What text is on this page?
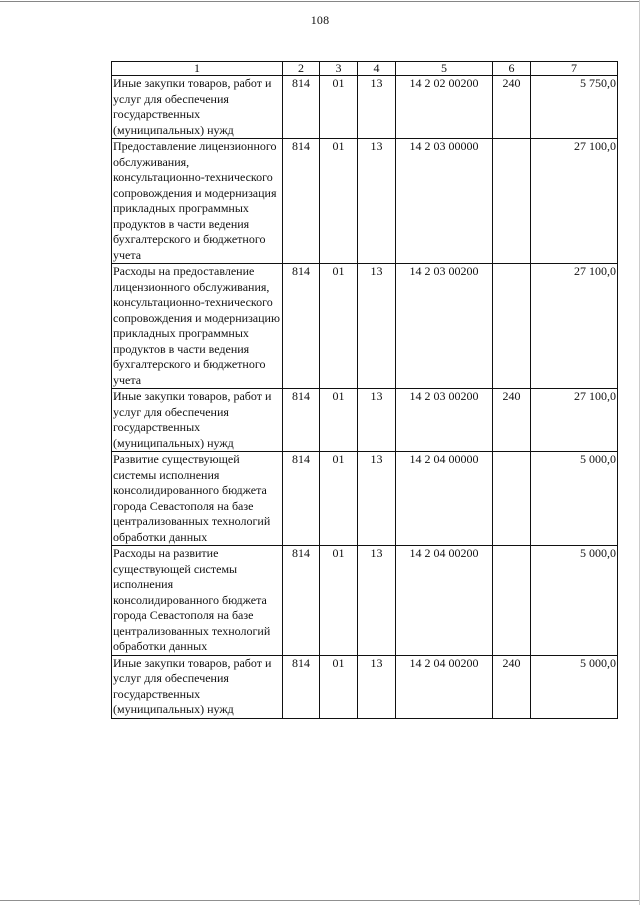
108
1	2	3	4	5	6	7
Иные закупки товаров, работ и услуг для обеспечения государственных (муниципальных) нужд	814	01	13	14 2 02 00200	240	5 750,0
Предоставление лицензионного обслуживания, консультационно-технического сопровождения и модернизация прикладных программных продуктов в части ведения бухгалтерского и бюджетного учета	814	01	13	14 2 03 00000		27 100,0
Расходы на предоставление лицензионного обслуживания, консультационно-технического сопровождения и модернизацию прикладных программных продуктов в части ведения бухгалтерского и бюджетного учета	814	01	13	14 2 03 00200		27 100,0
Иные закупки товаров, работ и услуг для обеспечения государственных (муниципальных) нужд	814	01	13	14 2 03 00200	240	27 100,0
Развитие существующей системы исполнения консолидированного бюджета города Севастополя на базе централизованных технологий обработки данных	814	01	13	14 2 04 00000		5 000,0
Расходы на развитие существующей системы исполнения консолидированного бюджета города Севастополя на базе централизованных технологий обработки данных	814	01	13	14 2 04 00200		5 000,0
Иные закупки товаров, работ и услуг для обеспечения государственных (муниципальных) нужд	814	01	13	14 2 04 00200	240	5 000,0
